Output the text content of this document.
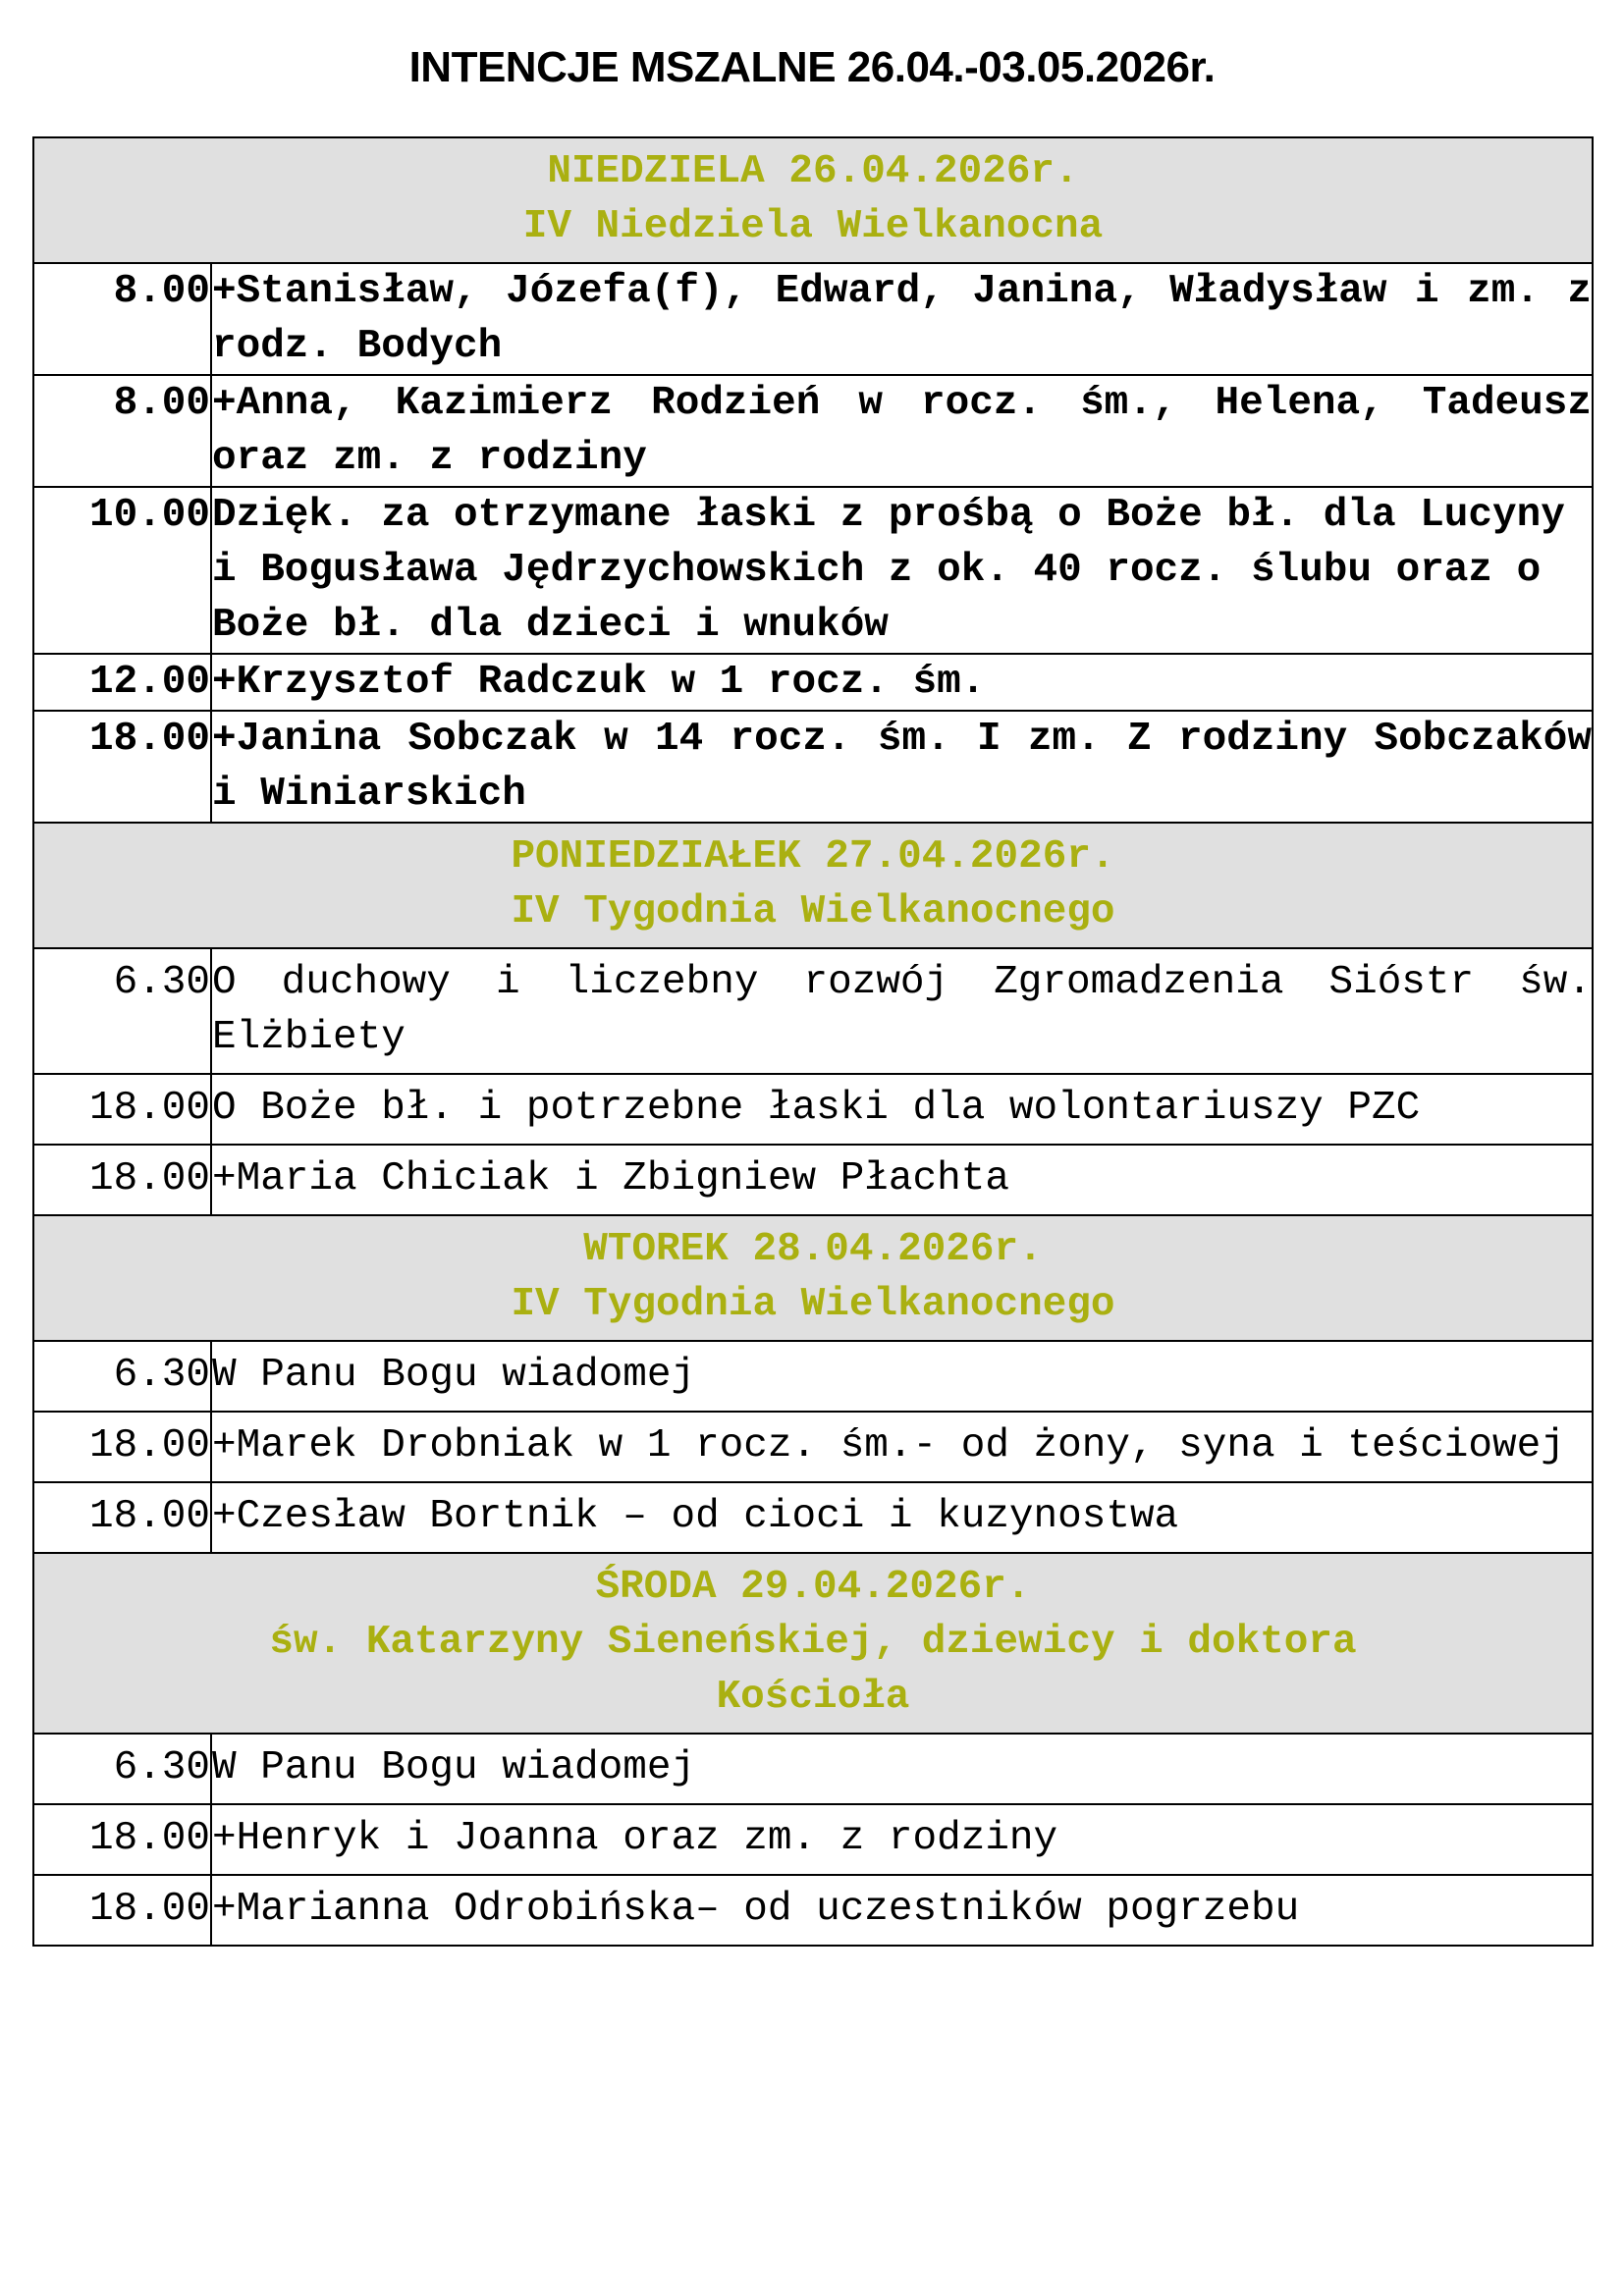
INTENCJE MSZALNE 26.04.-03.05.2026r.
NIEDZIELA 26.04.2026r.
IV Niedziela Wielkanocna	

8.00	+Stanisław, Józefa(f), Edward, Janina, Władysław i zm. z rodz. Bodych
8.00	+Anna, Kazimierz Rodzień w rocz. śm., Helena, Tadeusz oraz zm. z rodziny
10.00	Dzięk. za otrzymane łaski z prośbą o Boże bł. dla Lucyny i Bogusława Jędrzychowskich z ok. 40 rocz. ślubu oraz o Boże bł. dla dzieci i wnuków
12.00	+Krzysztof Radczuk w 1 rocz. śm.
18.00	+Janina Sobczak w 14 rocz. śm. I zm. Z rodziny Sobczaków i Winiarskich

PONIEDZIAŁEK 27.04.2026r.
IV Tygodnia Wielkanocnego	

6.30	O duchowy i liczebny rozwój Zgromadzenia Sióstr św. Elżbiety
18.00	O Boże bł. i potrzebne łaski dla wolontariuszy PZC
18.00	+Maria Chiciak i Zbigniew Płachta

WTOREK 28.04.2026r.
IV Tygodnia Wielkanocnego	

6.30	W Panu Bogu wiadomej
18.00	+Marek Drobniak w 1 rocz. śm.- od żony, syna i teściowej
18.00	+Czesław Bortnik – od cioci i kuzynostwa

ŚRODA 29.04.2026r.
św. Katarzyny Sieneńskiej, dziewicy i doktora
Kościoła	

6.30	W Panu Bogu wiadomej
18.00	+Henryk i Joanna oraz zm. z rodziny
18.00	+Marianna Odrobińska– od uczestników pogrzebu
